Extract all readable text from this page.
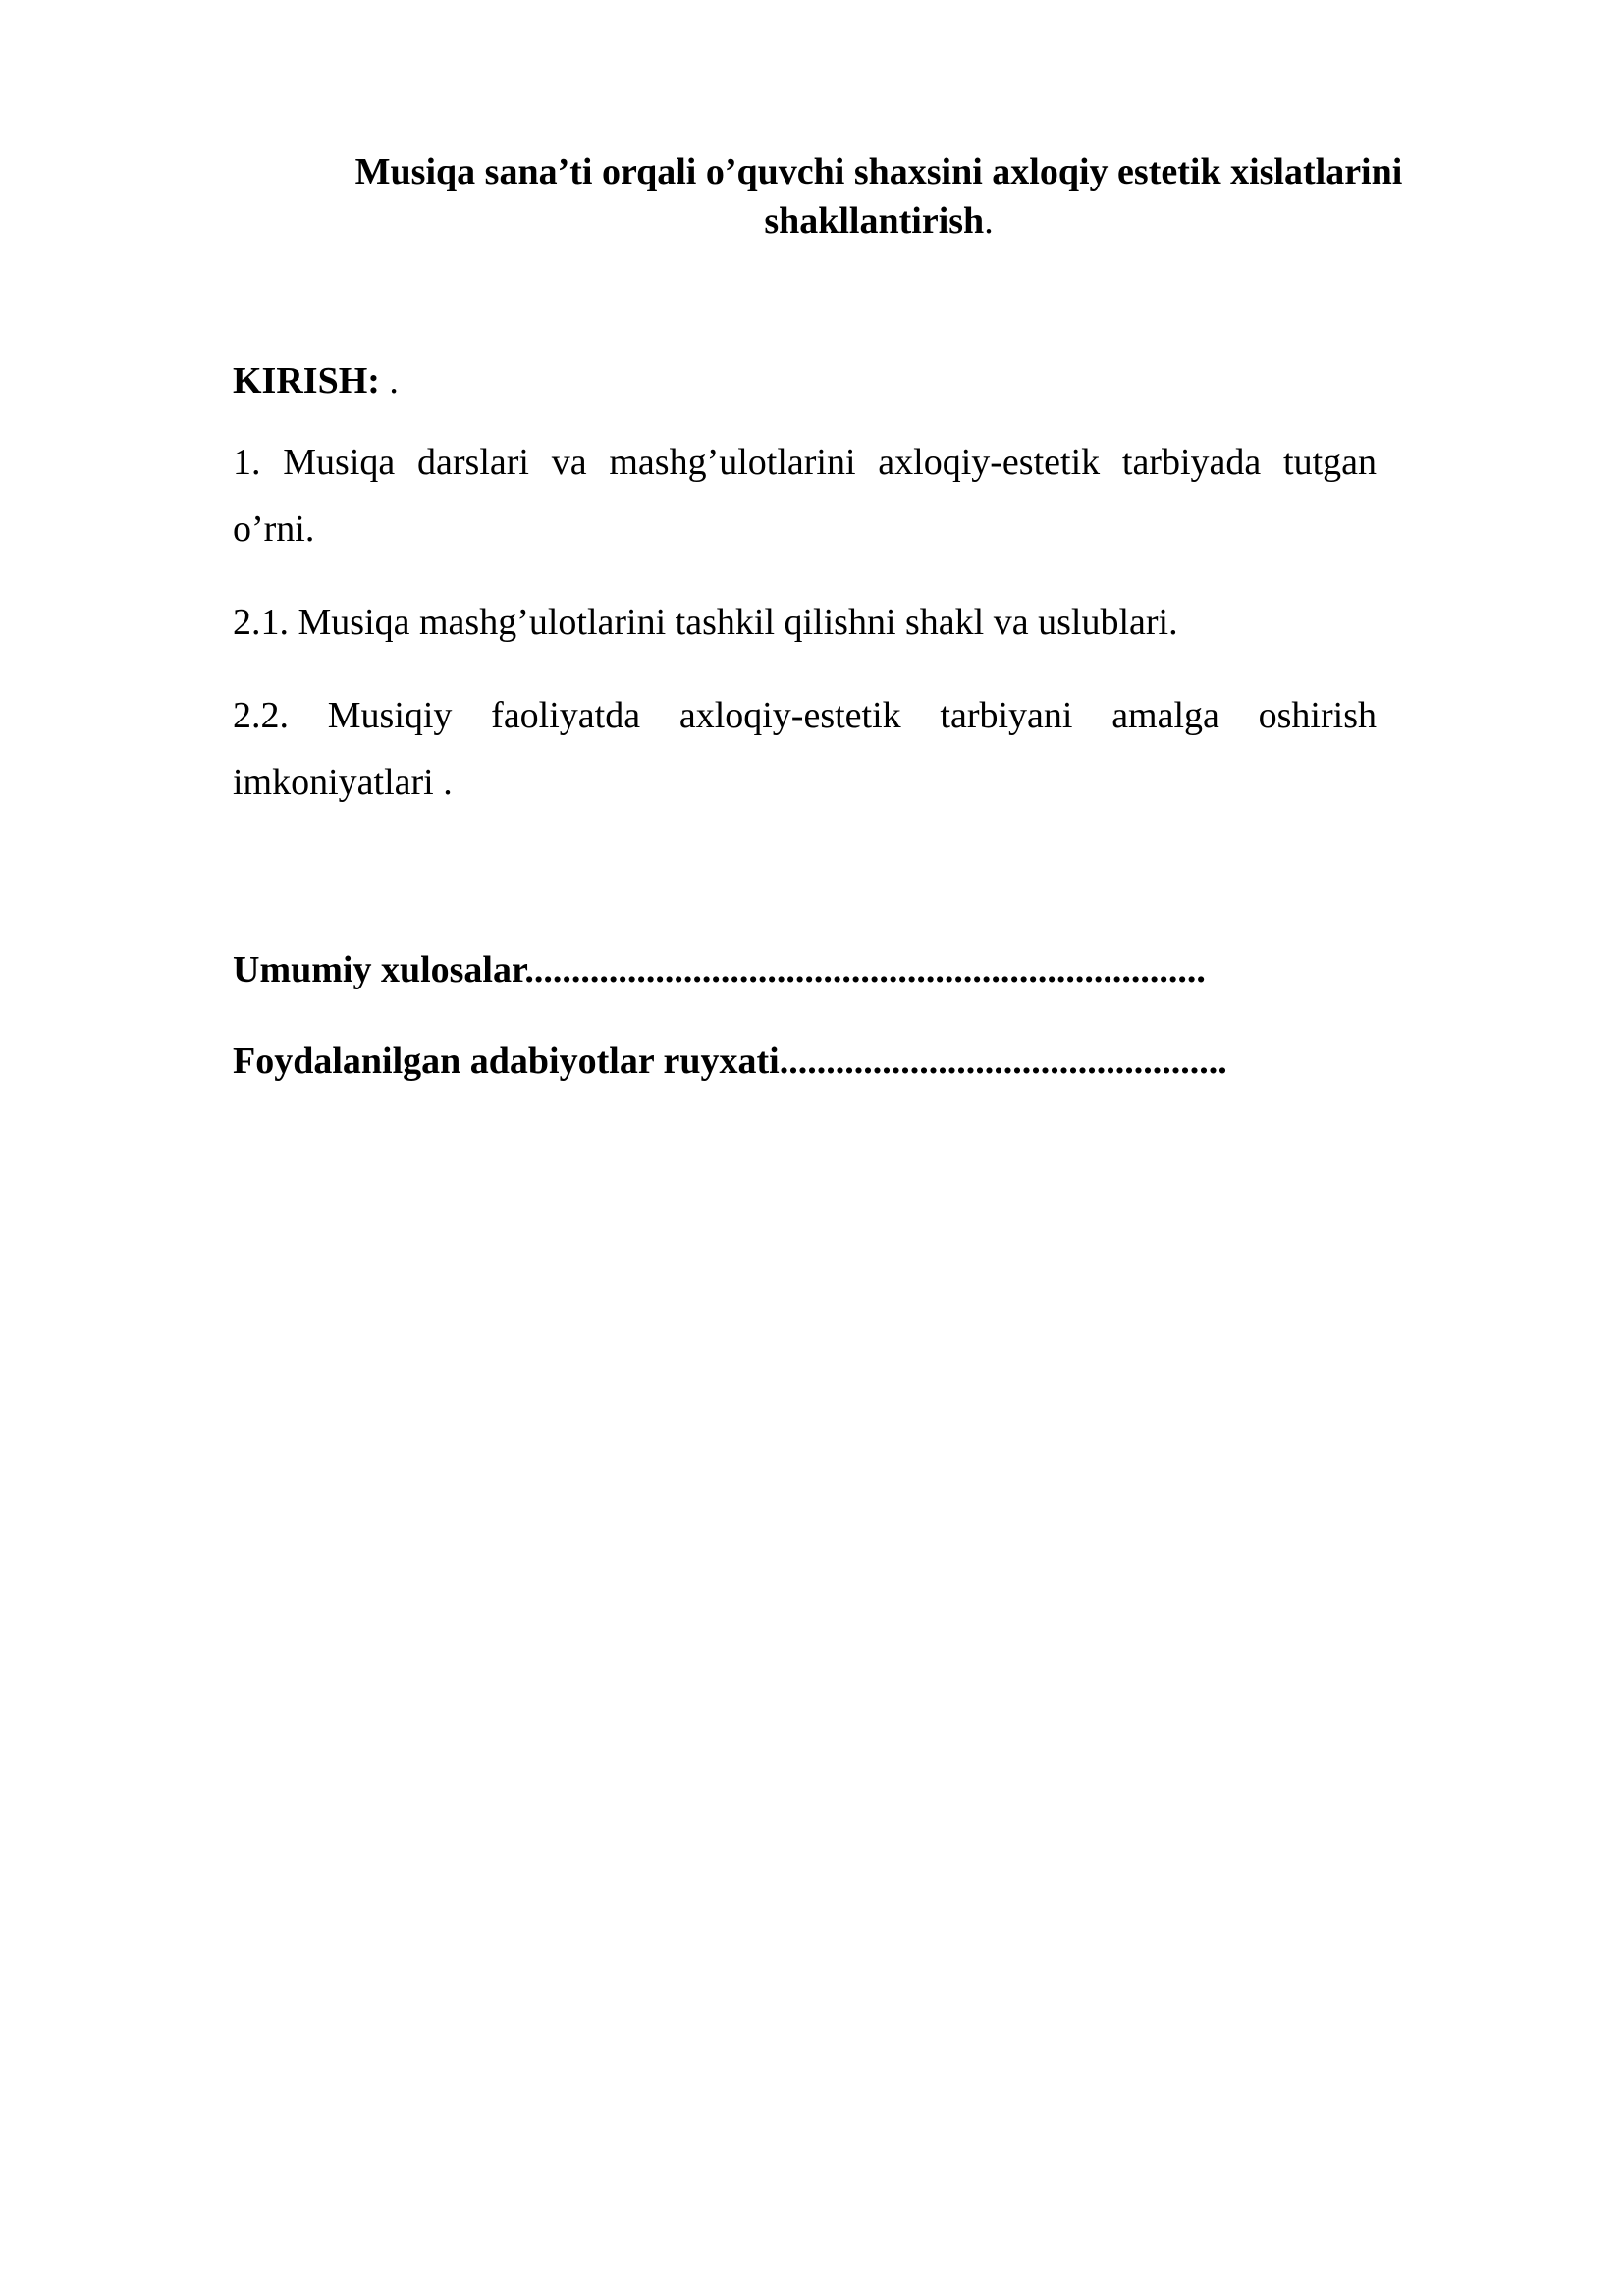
Musiqa sana’ti orqali o’quvchi shaxsini axloqiy estetik xislatlarini shakllantirish.
KIRISH: .
1. Musiqa darslari va mashg’ulotlarini axloqiy-estetik tarbiyada tutgan o’rni.
2.1. Musiqa mashg’ulotlarini tashkil qilishni shakl va uslublari.
2.2. Musiqiy faoliyatda axloqiy-estetik tarbiyani amalga oshirish imkoniyatlari .
Umumiy xulosalar.........................................................................
Foydalanilgan adabiyotlar ruyxati................................................
